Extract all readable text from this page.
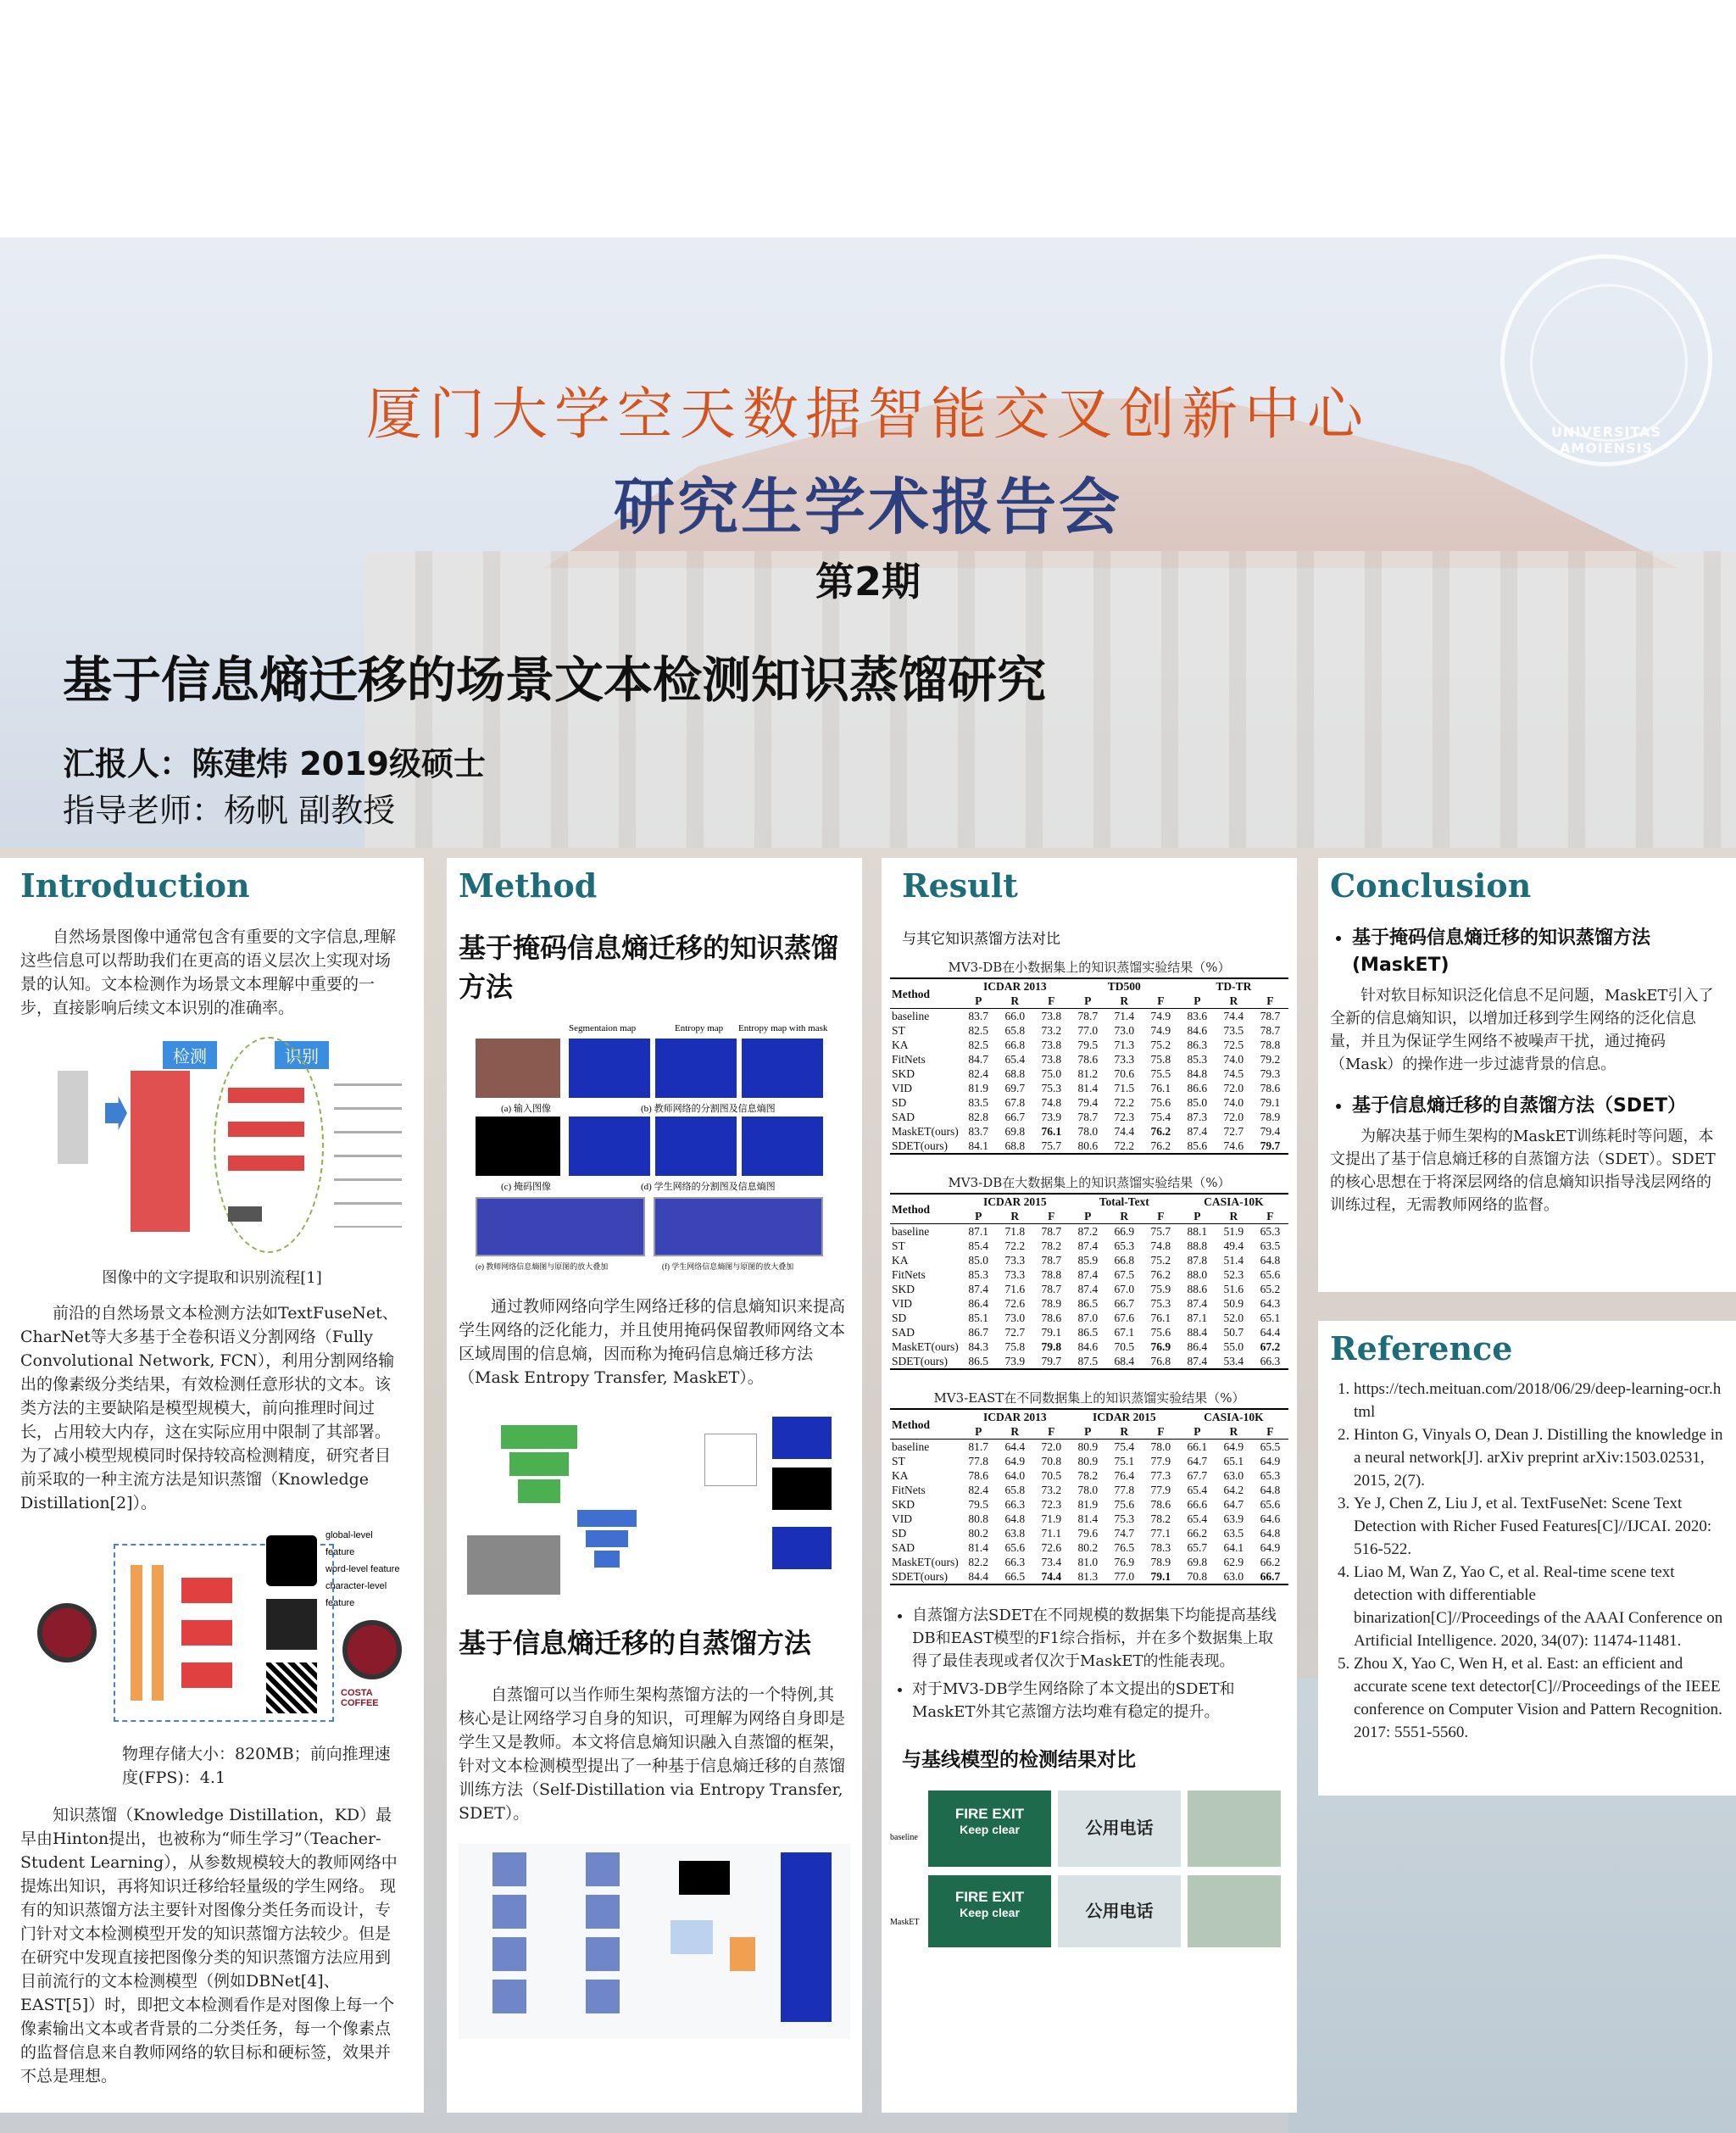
UNIVERSITAS AMOIENSIS
厦门大学空天数据智能交叉创新中心
研究生学术报告会
第2期
基于信息熵迁移的场景文本检测知识蒸馏研究
汇报人：陈建炜 2019级硕士
指导老师：杨帆 副教授
Introduction
自然场景图像中通常包含有重要的文字信息,理解这些信息可以帮助我们在更高的语义层次上实现对场景的认知。文本检测作为场景文本理解中重要的一步，直接影响后续文本识别的准确率。
检测	识别
图像中的文字提取和识别流程[1]
前沿的自然场景文本检测方法如TextFuseNet、CharNet等大多基于全卷积语义分割网络（Fully Convolutional Network, FCN），利用分割网络输出的像素级分类结果，有效检测任意形状的文本。该类方法的主要缺陷是模型规模大，前向推理时间过长，占用较大内存，这在实际应用中限制了其部署。为了减小模型规模同时保持较高检测精度，研究者目前采取的一种主流方法是知识蒸馏（Knowledge Distillation[2]）。
global-level feature
word-level feature
character-level feature
COSTA COFFEE
物理存储大小：820MB；前向推理速度(FPS)：4.1
知识蒸馏（Knowledge Distillation，KD）最早由Hinton提出，也被称为“师生学习”（Teacher-Student Learning），从参数规模较大的教师网络中提炼出知识，再将知识迁移给轻量级的学生网络。 现有的知识蒸馏方法主要针对图像分类任务而设计，专门针对文本检测模型开发的知识蒸馏方法较少。但是在研究中发现直接把图像分类的知识蒸馏方法应用到目前流行的文本检测模型（例如DBNet[4]、EAST[5]）时，即把文本检测看作是对图像上每一个像素输出文本或者背景的二分类任务，每一个像素点的监督信息来自教师网络的软目标和硬标签，效果并不总是理想。
Method
基于掩码信息熵迁移的知识蒸馏方法
Segmentaion map	Entropy map Entropy map with mask
(a) 输入图像	(b) 教师网络的分割图及信息熵图
(c) 掩码图像	(d) 学生网络的分割图及信息熵图
(e) 教师网络信息熵图与原图的放大叠加	(f) 学生网络信息熵图与原图的放大叠加
通过教师网络向学生网络迁移的信息熵知识来提高学生网络的泛化能力，并且使用掩码保留教师网络文本区域周围的信息熵，因而称为掩码信息熵迁移方法（Mask Entropy Transfer, MaskET）。
基于信息熵迁移的自蒸馏方法
自蒸馏可以当作师生架构蒸馏方法的一个特例,其核心是让网络学习自身的知识，可理解为网络自身即是学生又是教师。本文将信息熵知识融入自蒸馏的框架，针对文本检测模型提出了一种基于信息熵迁移的自蒸馏训练方法（Self-Distillation via Entropy Transfer, SDET）。
Result
与其它知识蒸馏方法对比
MV3-DB在小数据集上的知识蒸馏实验结果（%）
Method	ICDAR 2013			TD500			TD-TR		
	P	R	F	P	R	F	P	R	F
baseline	83.7	66.0	73.8	78.7	71.4	74.9	83.6	74.4	78.7
ST	82.5	65.8	73.2	77.0	73.0	74.9	84.6	73.5	78.7
KA	82.5	66.8	73.8	79.5	71.3	75.2	86.3	72.5	78.8
FitNets	84.7	65.4	73.8	78.6	73.3	75.8	85.3	74.0	79.2
SKD	82.4	68.8	75.0	81.2	70.6	75.5	84.8	74.5	79.3
VID	81.9	69.7	75.3	81.4	71.5	76.1	86.6	72.0	78.6
SD	83.5	67.8	74.8	79.4	72.2	75.6	85.0	74.0	79.1
SAD	82.8	66.7	73.9	78.7	72.3	75.4	87.3	72.0	78.9
MaskET(ours)	83.7	69.8	76.1	78.0	74.4	76.2	87.4	72.7	79.4
SDET(ours)	84.1	68.8	75.7	80.6	72.2	76.2	85.6	74.6	79.7
MV3-DB在大数据集上的知识蒸馏实验结果（%）
Method	ICDAR 2015			Total-Text			CASIA-10K		
	P	R	F	P	R	F	P	R	F
baseline	87.1	71.8	78.7	87.2	66.9	75.7	88.1	51.9	65.3
ST	85.4	72.2	78.2	87.4	65.3	74.8	88.8	49.4	63.5
KA	85.0	73.3	78.7	85.9	66.8	75.2	87.8	51.4	64.8
FitNets	85.3	73.3	78.8	87.4	67.5	76.2	88.0	52.3	65.6
SKD	87.4	71.6	78.7	87.4	67.0	75.9	88.6	51.6	65.2
VID	86.4	72.6	78.9	86.5	66.7	75.3	87.4	50.9	64.3
SD	85.1	73.0	78.6	87.0	67.6	76.1	87.1	52.0	65.1
SAD	86.7	72.7	79.1	86.5	67.1	75.6	88.4	50.7	64.4
MaskET(ours)	84.3	75.8	79.8	84.6	70.5	76.9	86.4	55.0	67.2
SDET(ours)	86.5	73.9	79.7	87.5	68.4	76.8	87.4	53.4	66.3
MV3-EAST在不同数据集上的知识蒸馏实验结果（%）
Method	ICDAR 2013			ICDAR 2015			CASIA-10K		
	P	R	F	P	R	F	P	R	F
baseline	81.7	64.4	72.0	80.9	75.4	78.0	66.1	64.9	65.5
ST	77.8	64.9	70.8	80.9	75.1	77.9	64.7	65.1	64.9
KA	78.6	64.0	70.5	78.2	76.4	77.3	67.7	63.0	65.3
FitNets	82.4	65.8	73.2	78.0	77.8	77.9	65.4	64.2	64.8
SKD	79.5	66.3	72.3	81.9	75.6	78.6	66.6	64.7	65.6
VID	80.8	64.8	71.9	81.4	75.3	78.2	65.4	63.9	64.6
SD	80.2	63.8	71.1	79.6	74.7	77.1	66.2	63.5	64.8
SAD	81.4	65.6	72.6	80.2	76.5	78.3	65.7	64.1	64.9
MaskET(ours)	82.2	66.3	73.4	81.0	76.9	78.9	69.8	62.9	66.2
SDET(ours)	84.4	66.5	74.4	81.3	77.0	79.1	70.8	63.0	66.7
• 自蒸馏方法SDET在不同规模的数据集下均能提高基线DB和EAST模型的F1综合指标，并在多个数据集上取得了最佳表现或者仅次于MaskET的性能表现。
• 对于MV3-DB学生网络除了本文提出的SDET和MaskET外其它蒸馏方法均难有稳定的提升。
与基线模型的检测结果对比
baseline
MaskET
FIRE EXIT
Keep clear	公用电话
FIRE EXIT
Keep clear	公用电话
Conclusion
• 基于掩码信息熵迁移的知识蒸馏方法(MaskET)
针对软目标知识泛化信息不足问题，MaskET引入了全新的信息熵知识，以增加迁移到学生网络的泛化信息量，并且为保证学生网络不被噪声干扰，通过掩码（Mask）的操作进一步过滤背景的信息。
• 基于信息熵迁移的自蒸馏方法（SDET）
为解决基于师生架构的MaskET训练耗时等问题，本文提出了基于信息熵迁移的自蒸馏方法（SDET）。SDET的核心思想在于将深层网络的信息熵知识指导浅层网络的训练过程，无需教师网络的监督。
Reference
1. https://tech.meituan.com/2018/06/29/deep-learning-ocr.html
2. Hinton G, Vinyals O, Dean J. Distilling the knowledge in a neural network[J]. arXiv preprint arXiv:1503.02531, 2015, 2(7).
3. Ye J, Chen Z, Liu J, et al. TextFuseNet: Scene Text Detection with Richer Fused Features[C]//IJCAI. 2020: 516-522.
4. Liao M, Wan Z, Yao C, et al. Real-time scene text detection with differentiable binarization[C]//Proceedings of the AAAI Conference on Artificial Intelligence. 2020, 34(07): 11474-11481.
5. Zhou X, Yao C, Wen H, et al. East: an efficient and accurate scene text detector[C]//Proceedings of the IEEE conference on Computer Vision and Pattern Recognition. 2017: 5551-5560.
